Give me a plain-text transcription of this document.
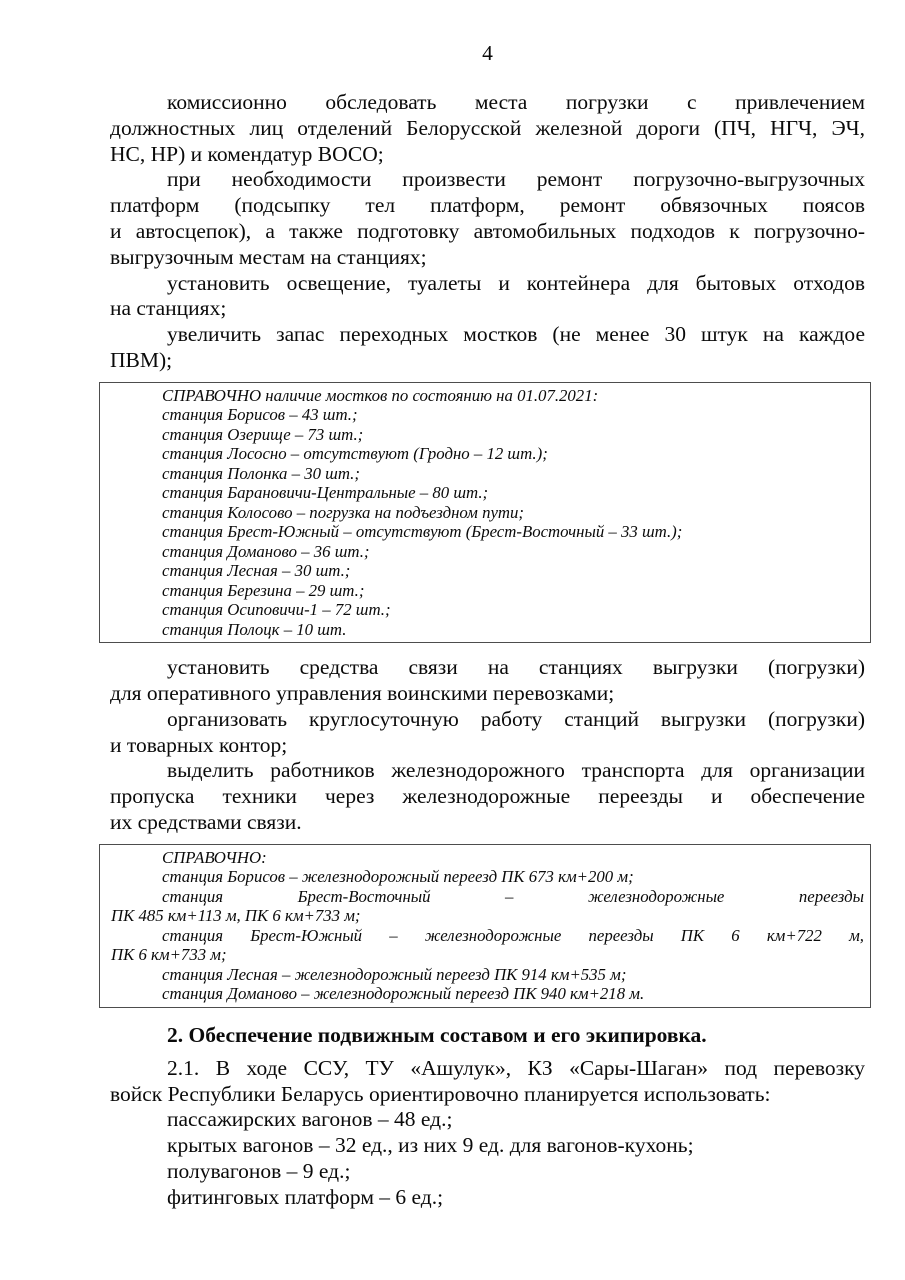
4
комиссионно обследовать места погрузки с привлечением
должностных лиц отделений Белорусской железной дороги (ПЧ, НГЧ, ЭЧ,
НС, НР) и комендатур ВОСО;
при необходимости произвести ремонт погрузочно-выгрузочных
платформ (подсыпку тел платформ, ремонт обвязочных поясов
и автосцепок), а также подготовку автомобильных подходов к погрузочно-
выгрузочным местам на станциях;
установить освещение, туалеты и контейнера для бытовых отходов
на станциях;
увеличить запас переходных мостков (не менее 30 штук на каждое
ПВМ);
СПРАВОЧНО наличие мостков по состоянию на 01.07.2021:
станция Борисов – 43 шт.;
станция Озерище – 73 шт.;
станция Лососно – отсутствуют (Гродно – 12 шт.);
станция Полонка – 30 шт.;
станция Барановичи-Центральные – 80 шт.;
станция Колосово – погрузка на подъездном пути;
станция Брест-Южный – отсутствуют (Брест-Восточный – 33 шт.);
станция Доманово – 36 шт.;
станция Лесная – 30 шт.;
станция Березина – 29 шт.;
станция Осиповичи-1 – 72 шт.;
станция Полоцк – 10 шт.
установить средства связи на станциях выгрузки (погрузки)
для оперативного управления воинскими перевозками;
организовать круглосуточную работу станций выгрузки (погрузки)
и товарных контор;
выделить работников железнодорожного транспорта для организации
пропуска техники через железнодорожные переезды и обеспечение
их средствами связи.
СПРАВОЧНО:
станция Борисов – железнодорожный переезд ПК 673 км+200 м;
станция Брест-Восточный – железнодорожные переезды
ПК 485 км+113 м, ПК 6 км+733 м;
станция Брест-Южный – железнодорожные переезды ПК 6 км+722 м,
ПК 6 км+733 м;
станция Лесная – железнодорожный переезд ПК 914 км+535 м;
станция Доманово – железнодорожный переезд ПК 940 км+218 м.
2. Обеспечение подвижным составом и его экипировка.
2.1. В ходе ССУ, ТУ «Ашулук», КЗ «Сары-Шаган» под перевозку
войск Республики Беларусь ориентировочно планируется использовать:
пассажирских вагонов – 48 ед.;
крытых вагонов – 32 ед., из них 9 ед. для вагонов-кухонь;
полувагонов – 9 ед.;
фитинговых платформ – 6 ед.;
